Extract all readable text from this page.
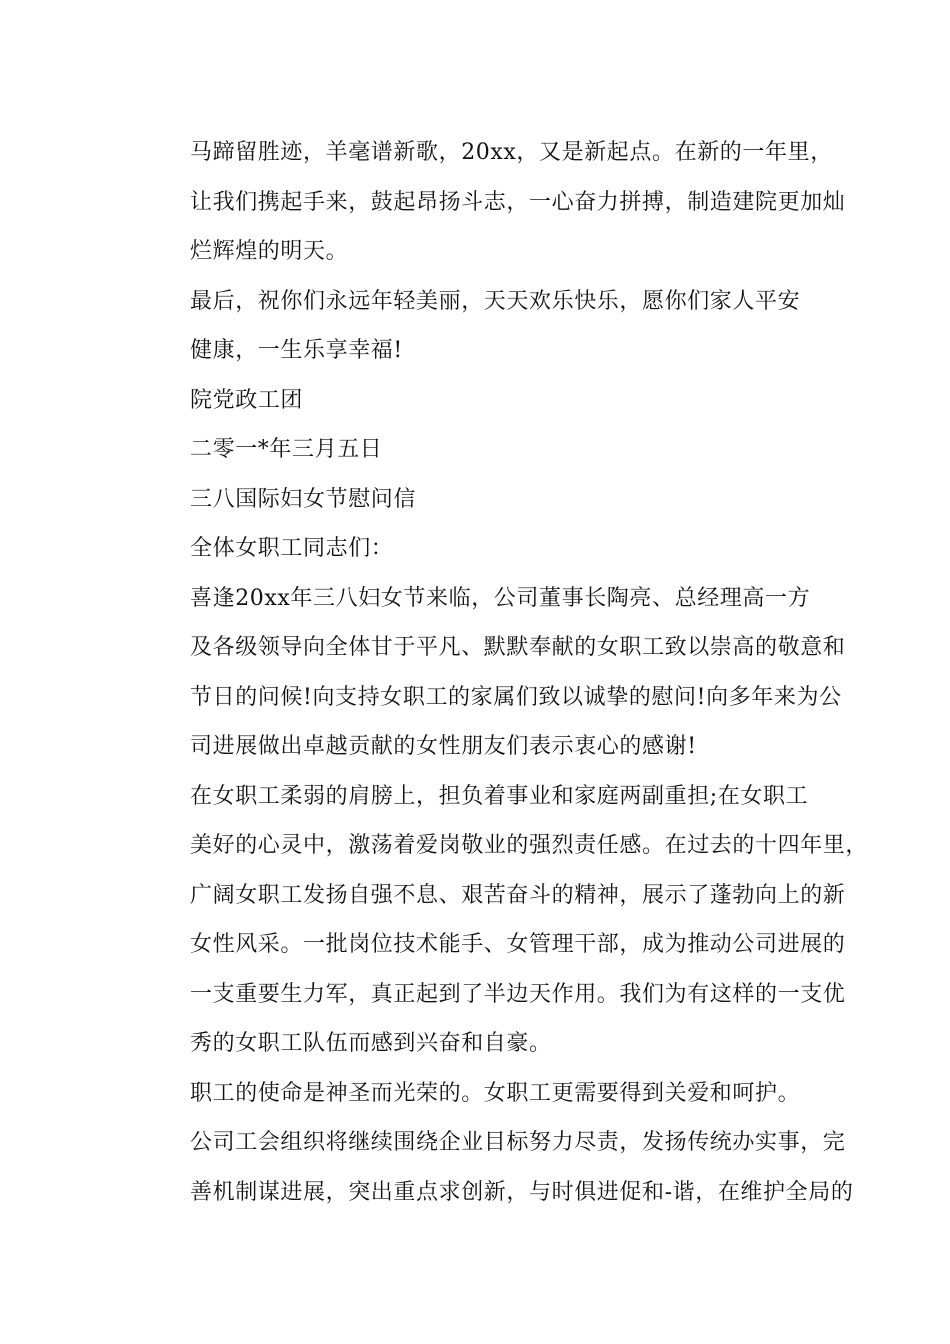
马蹄留胜迹，羊毫谱新歌，20xx，又是新起点。在新的一年里，
让我们携起手来，鼓起昂扬斗志，一心奋力拼搏，制造建院更加灿
烂辉煌的明天。

最后，祝你们永远年轻美丽，天天欢乐快乐，愿你们家人平安
健康，一生乐享幸福!

院党政工团

二零一*年三月五日

三八国际妇女节慰问信

全体女职工同志们：

喜逢20xx年三八妇女节来临，公司董事长陶亮、总经理高一方
及各级领导向全体甘于平凡、默默奉献的女职工致以崇高的敬意和
节日的问候!向支持女职工的家属们致以诚挚的慰问!向多年来为公
司进展做出卓越贡献的女性朋友们表示衷心的感谢!

在女职工柔弱的肩膀上，担负着事业和家庭两副重担;在女职工
美好的心灵中，激荡着爱岗敬业的强烈责任感。在过去的十四年里，
广阔女职工发扬自强不息、艰苦奋斗的精神，展示了蓬勃向上的新
女性风采。一批岗位技术能手、女管理干部，成为推动公司进展的
一支重要生力军，真正起到了半边天作用。我们为有这样的一支优
秀的女职工队伍而感到兴奋和自豪。

职工的使命是神圣而光荣的。女职工更需要得到关爱和呵护。
公司工会组织将继续围绕企业目标努力尽责，发扬传统办实事，完
善机制谋进展，突出重点求创新，与时俱进促和-谐，在维护全局的
